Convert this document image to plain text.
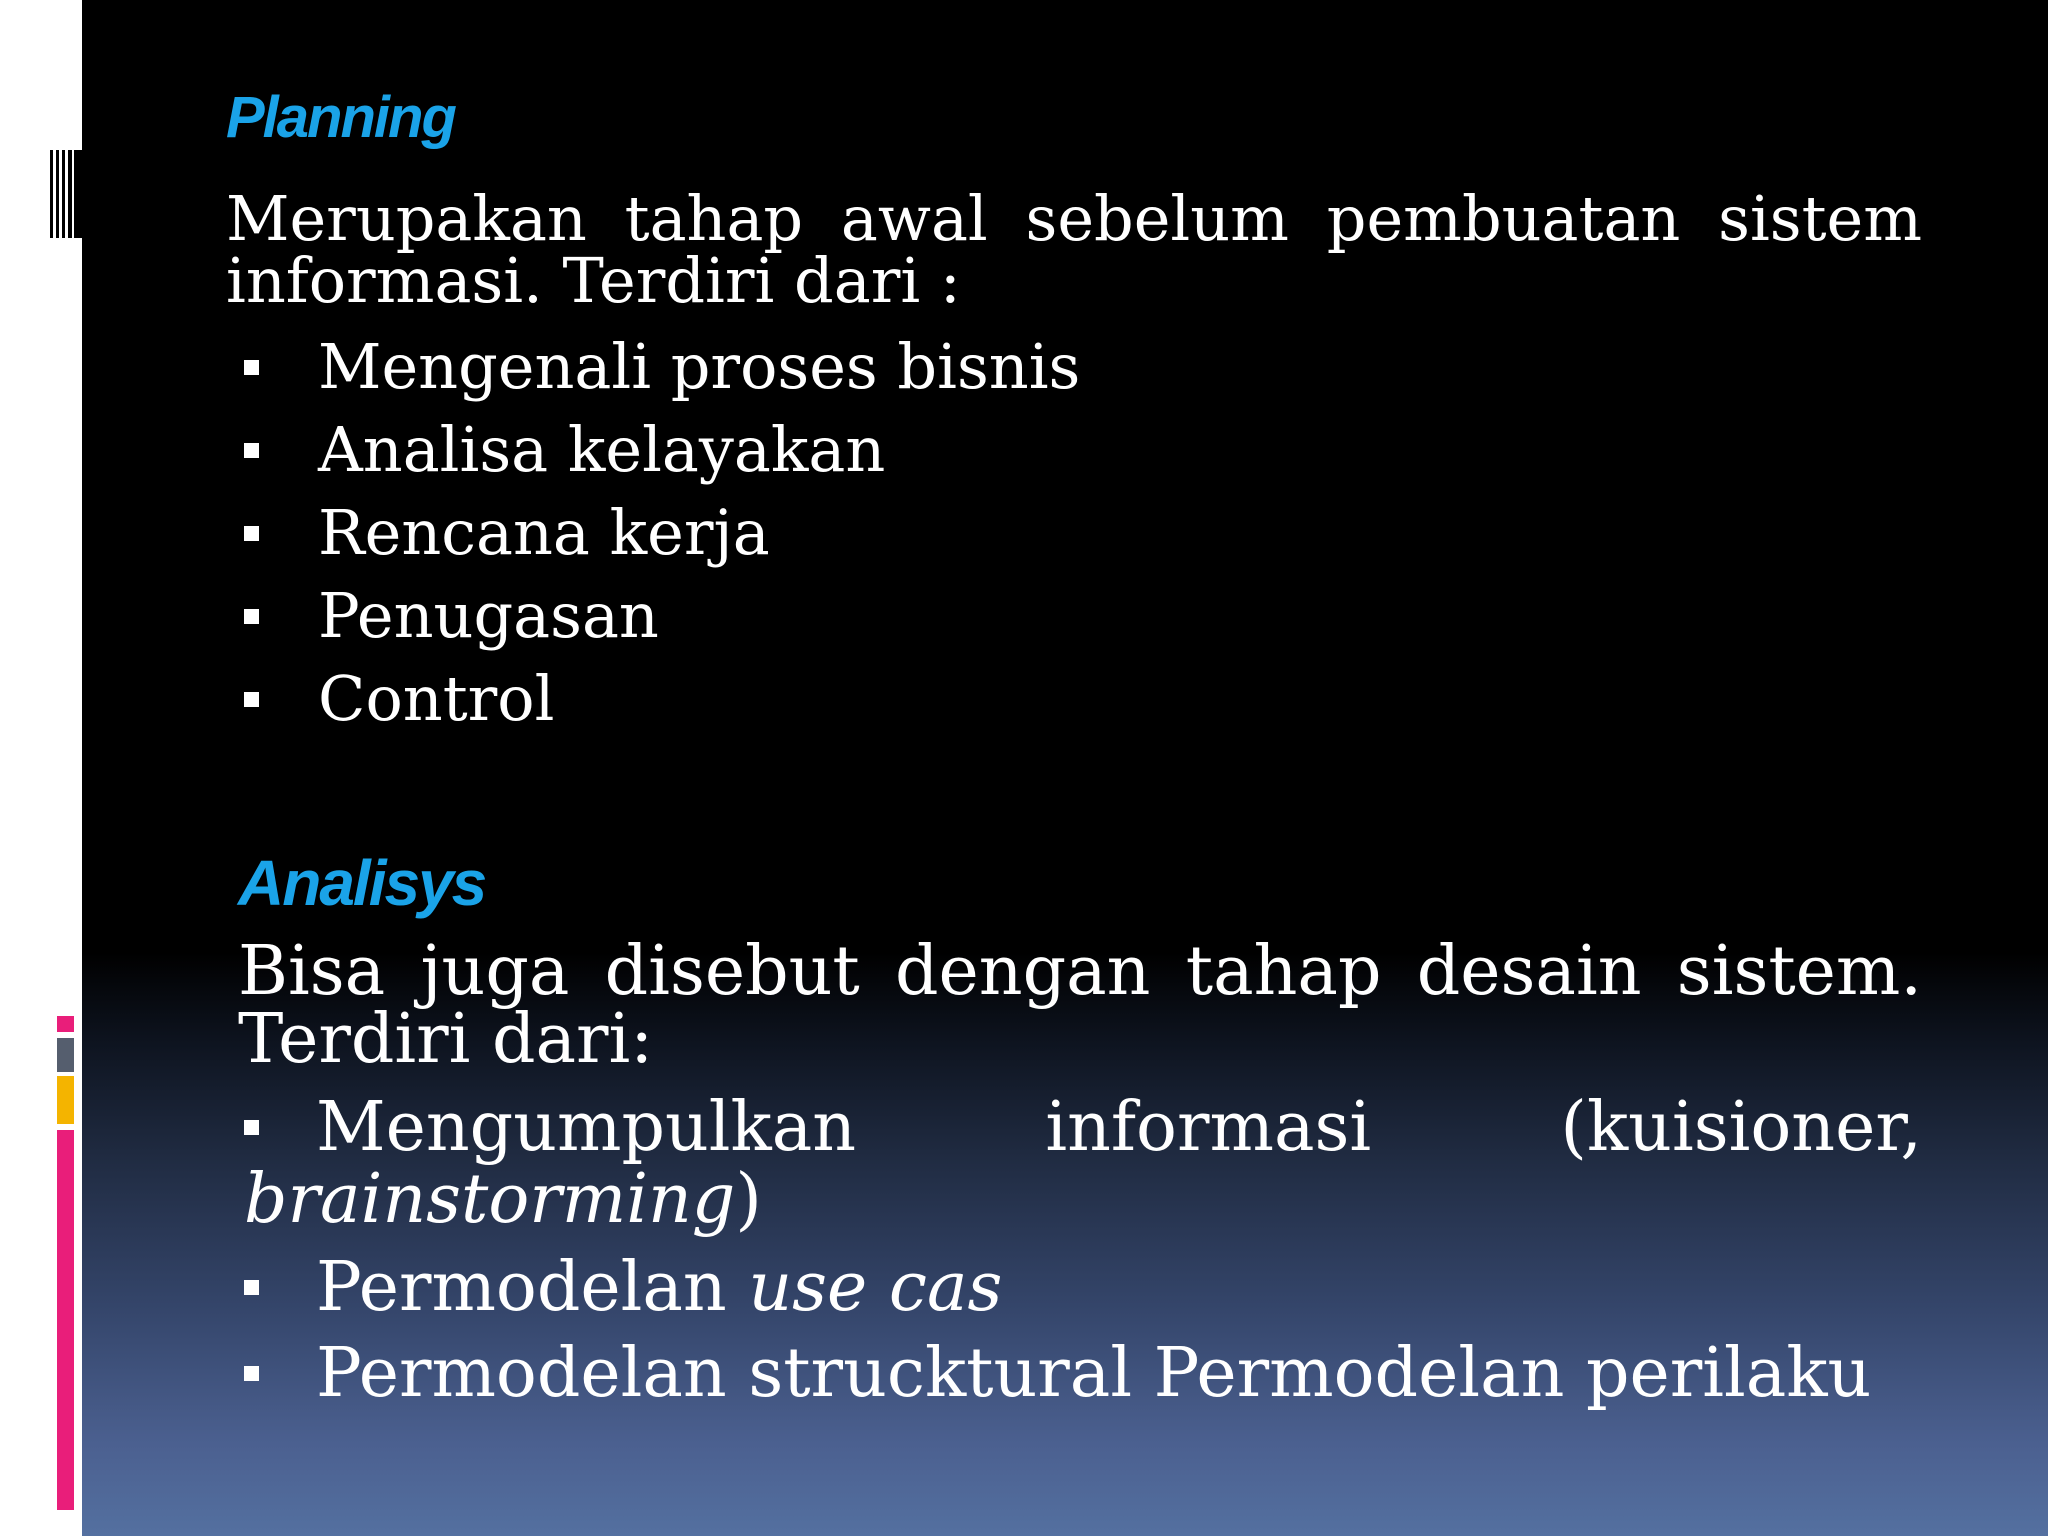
Planning
Merupakan tahap awal sebelum pembuatan sistem
informasi. Terdiri dari :
Mengenali proses bisnis
Analisa kelayakan
Rencana kerja
Penugasan
Control
Analisys
Bisa juga disebut dengan tahap desain sistem.
Terdiri dari:
Mengumpulkan	informasi	(kuisioner,
brainstorming)
Permodelan use cas
Permodelan strucktural Permodelan perilaku
